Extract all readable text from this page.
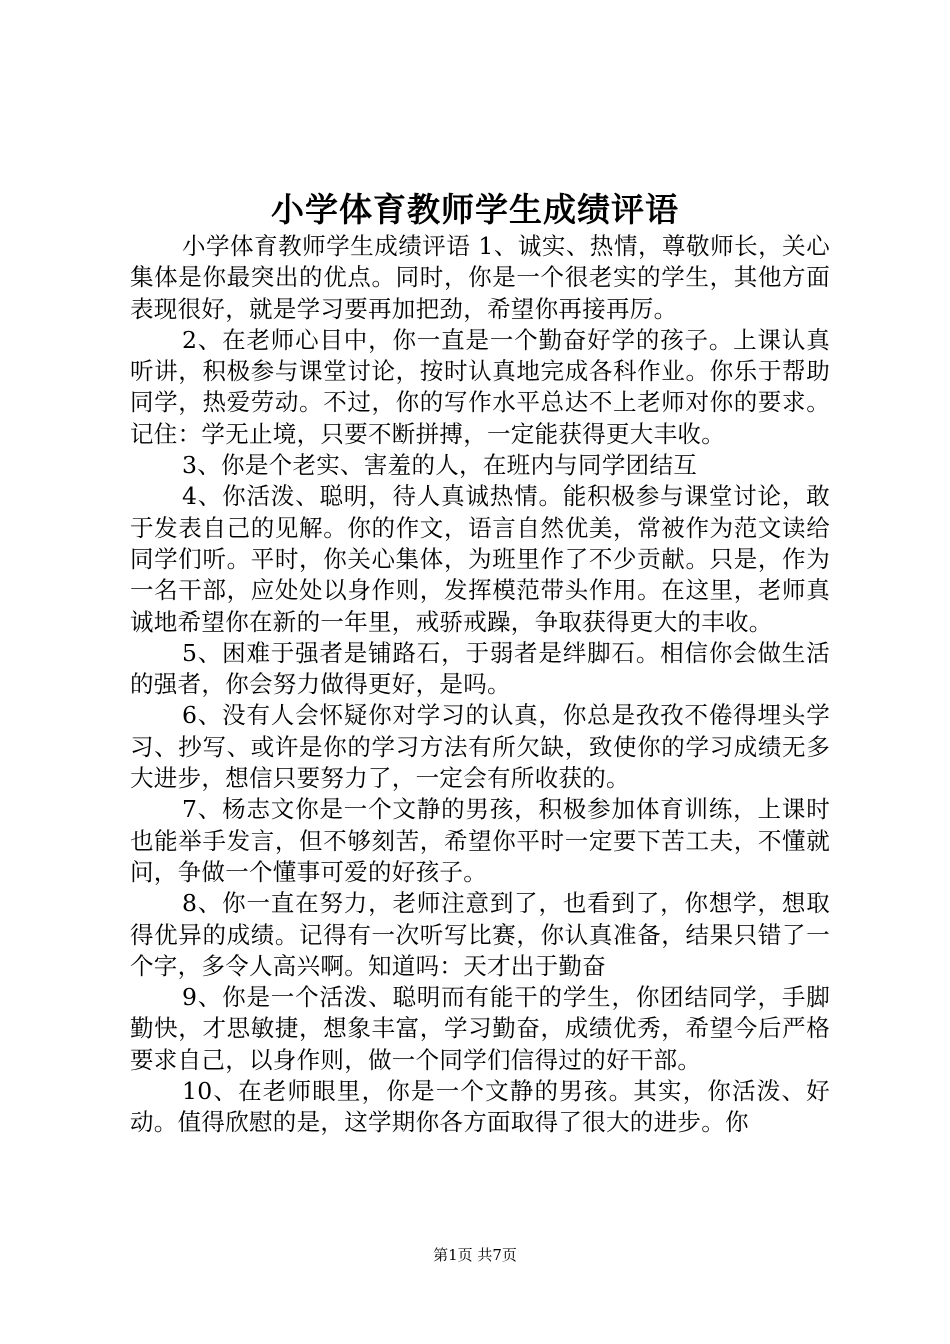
小学体育教师学生成绩评语

小学体育教师学生成绩评语 1、诚实、热情，尊敬师长，关心集体是你最突出的优点。同时，你是一个很老实的学生，其他方面表现很好，就是学习要再加把劲，希望你再接再厉。

2、在老师心目中，你一直是一个勤奋好学的孩子。上课认真听讲，积极参与课堂讨论，按时认真地完成各科作业。你乐于帮助同学，热爱劳动。不过，你的写作水平总达不上老师对你的要求。记住：学无止境，只要不断拼搏，一定能获得更大丰收。

3、你是个老实、害羞的人，在班内与同学团结互

4、你活泼、聪明，待人真诚热情。能积极参与课堂讨论，敢于发表自己的见解。你的作文，语言自然优美，常被作为范文读给同学们听。平时，你关心集体，为班里作了不少贡献。只是，作为一名干部，应处处以身作则，发挥模范带头作用。在这里，老师真诚地希望你在新的一年里，戒骄戒躁，争取获得更大的丰收。

5、困难于强者是铺路石，于弱者是绊脚石。相信你会做生活的强者，你会努力做得更好，是吗。

6、没有人会怀疑你对学习的认真，你总是孜孜不倦得埋头学习、抄写、或许是你的学习方法有所欠缺，致使你的学习成绩无多大进步，想信只要努力了，一定会有所收获的。

7、杨志文你是一个文静的男孩，积极参加体育训练，上课时也能举手发言，但不够刻苦，希望你平时一定要下苦工夫，不懂就问，争做一个懂事可爱的好孩子。

8、你一直在努力，老师注意到了，也看到了，你想学，想取得优异的成绩。记得有一次听写比赛，你认真准备，结果只错了一个字，多令人高兴啊。知道吗：天才出于勤奋

9、你是一个活泼、聪明而有能干的学生，你团结同学，手脚勤快，才思敏捷，想象丰富，学习勤奋，成绩优秀，希望今后严格要求自己，以身作则，做一个同学们信得过的好干部。

10、在老师眼里，你是一个文静的男孩。其实，你活泼、好动。值得欣慰的是，这学期你各方面取得了很大的进步。你

第1页 共7页
